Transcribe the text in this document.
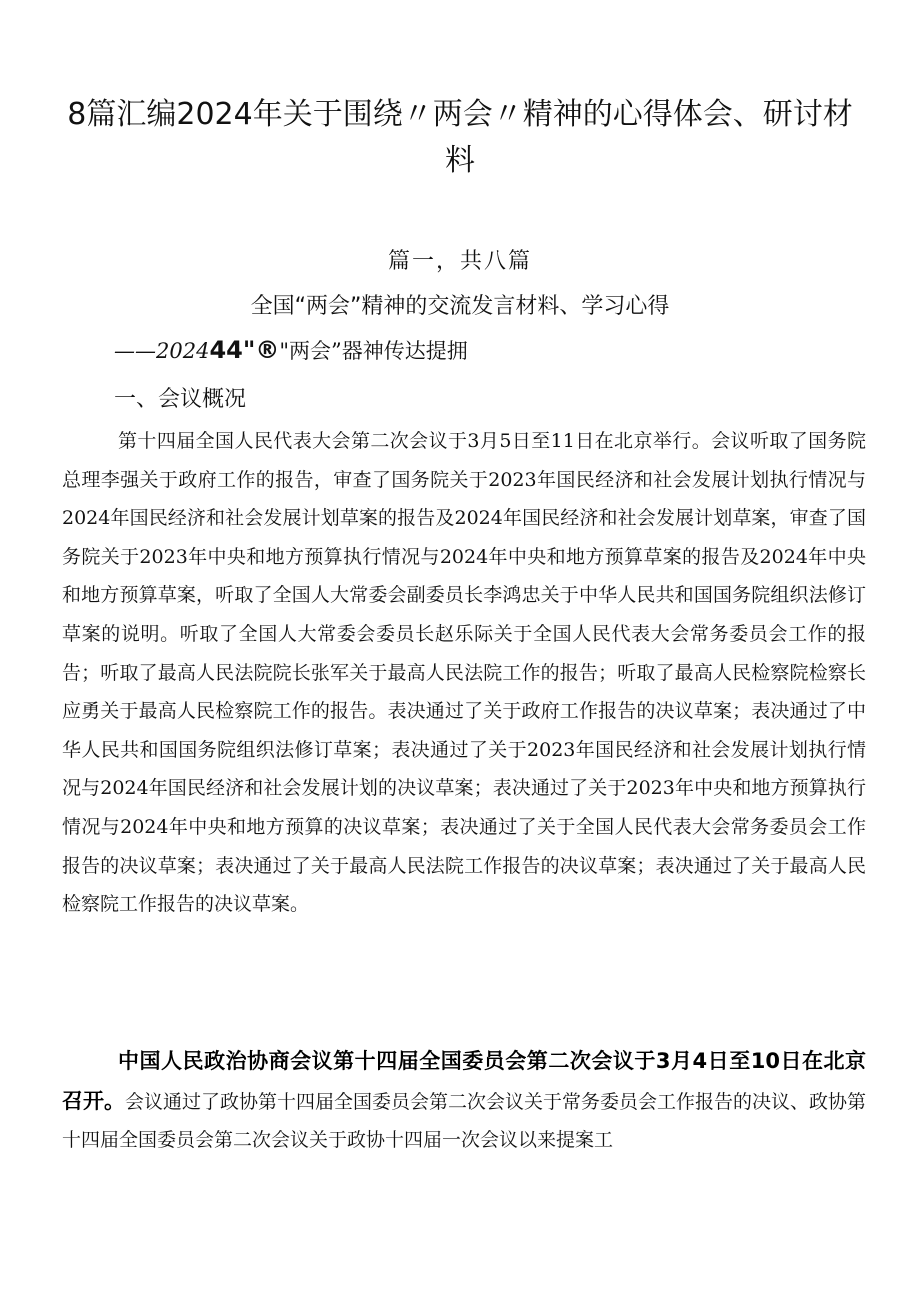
8篇汇编2024年关于围绕〃两会〃精神的心得体会、研讨材料
篇一，共八篇
全国“两会”精神的交流发言材料、学习心得
——202444"®"两会”器神传达提拥
一、会议概况

第十四届全国人民代表大会第二次会议于3月5日至11日在北京举行。会议听取了国务院总理李强关于政府工作的报告，审查了国务院关于2023年国民经济和社会发展计划执行情况与2024年国民经济和社会发展计划草案的报告及2024年国民经济和社会发展计划草案，审查了国务院关于2023年中央和地方预算执行情况与2024年中央和地方预算草案的报告及2024年中央和地方预算草案，听取了全国人大常委会副委员长李鸿忠关于中华人民共和国国务院组织法修订草案的说明。听取了全国人大常委会委员长赵乐际关于全国人民代表大会常务委员会工作的报告；听取了最高人民法院院长张军关于最高人民法院工作的报告；听取了最高人民检察院检察长应勇关于最高人民检察院工作的报告。表决通过了关于政府工作报告的决议草案；表决通过了中华人民共和国国务院组织法修订草案；表决通过了关于2023年国民经济和社会发展计划执行情况与2024年国民经济和社会发展计划的决议草案；表决通过了关于2023年中央和地方预算执行情况与2024年中央和地方预算的决议草案；表决通过了关于全国人民代表大会常务委员会工作报告的决议草案；表决通过了关于最高人民法院工作报告的决议草案；表决通过了关于最高人民检察院工作报告的决议草案。

中国人民政治协商会议第十四届全国委员会第二次会议于3月4日至10日在北京召开。会议通过了政协第十四届全国委员会第二次会议关于常务委员会工作报告的决议、政协第十四届全国委员会第二次会议关于政协十四届一次会议以来提案工
